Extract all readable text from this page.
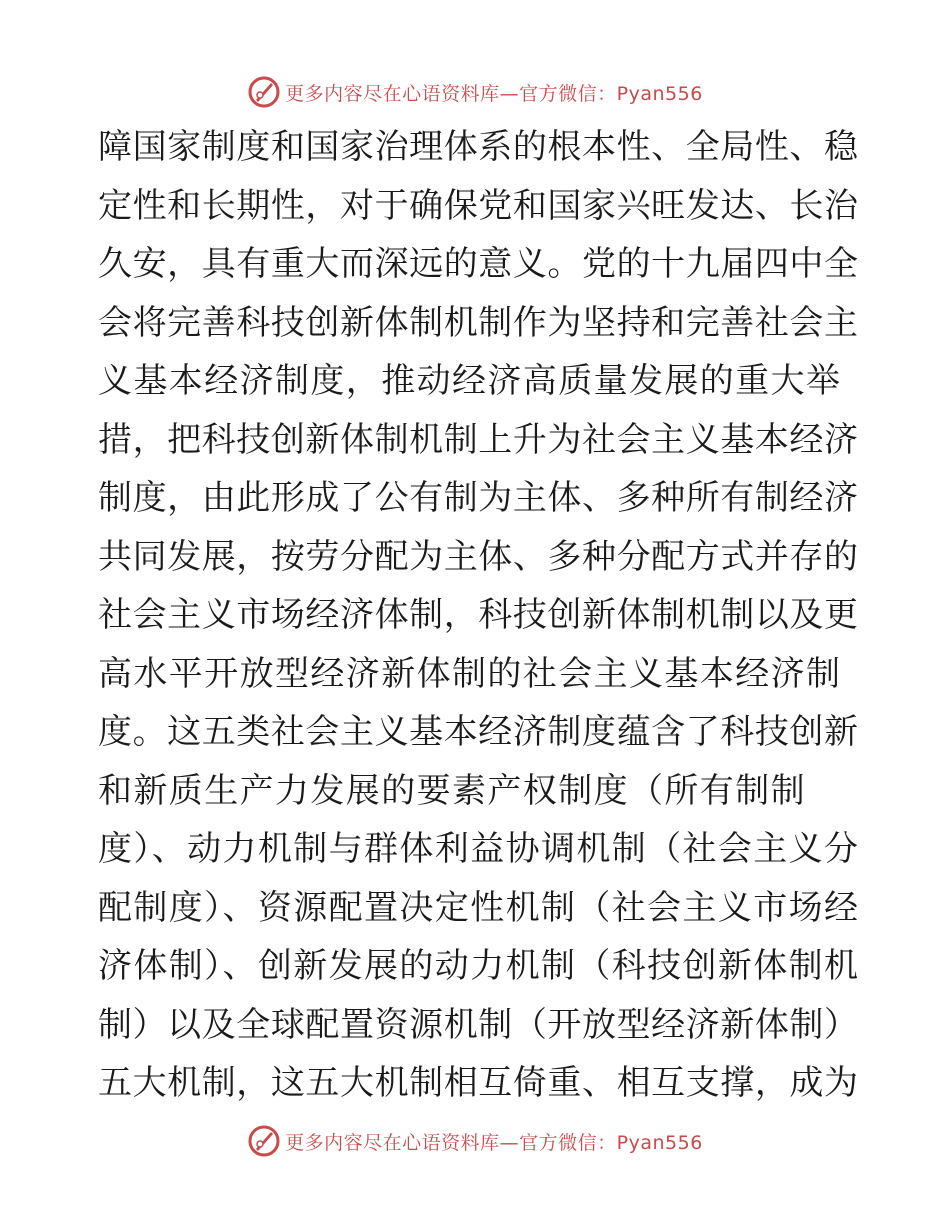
更多内容尽在心语资料库—官方微信：Pyan556
障国家制度和国家治理体系的根本性、全局性、稳
定性和长期性，对于确保党和国家兴旺发达、长治
久安，具有重大而深远的意义。党的十九届四中全
会将完善科技创新体制机制作为坚持和完善社会主
义基本经济制度，推动经济高质量发展的重大举
措，把科技创新体制机制上升为社会主义基本经济
制度，由此形成了公有制为主体、多种所有制经济
共同发展，按劳分配为主体、多种分配方式并存的
社会主义市场经济体制，科技创新体制机制以及更
高水平开放型经济新体制的社会主义基本经济制
度。这五类社会主义基本经济制度蕴含了科技创新
和新质生产力发展的要素产权制度（所有制制
度）、动力机制与群体利益协调机制（社会主义分
配制度）、资源配置决定性机制（社会主义市场经
济体制）、创新发展的动力机制（科技创新体制机
制）以及全球配置资源机制（开放型经济新体制）
五大机制，这五大机制相互倚重、相互支撑，成为
更多内容尽在心语资料库—官方微信：Pyan556
